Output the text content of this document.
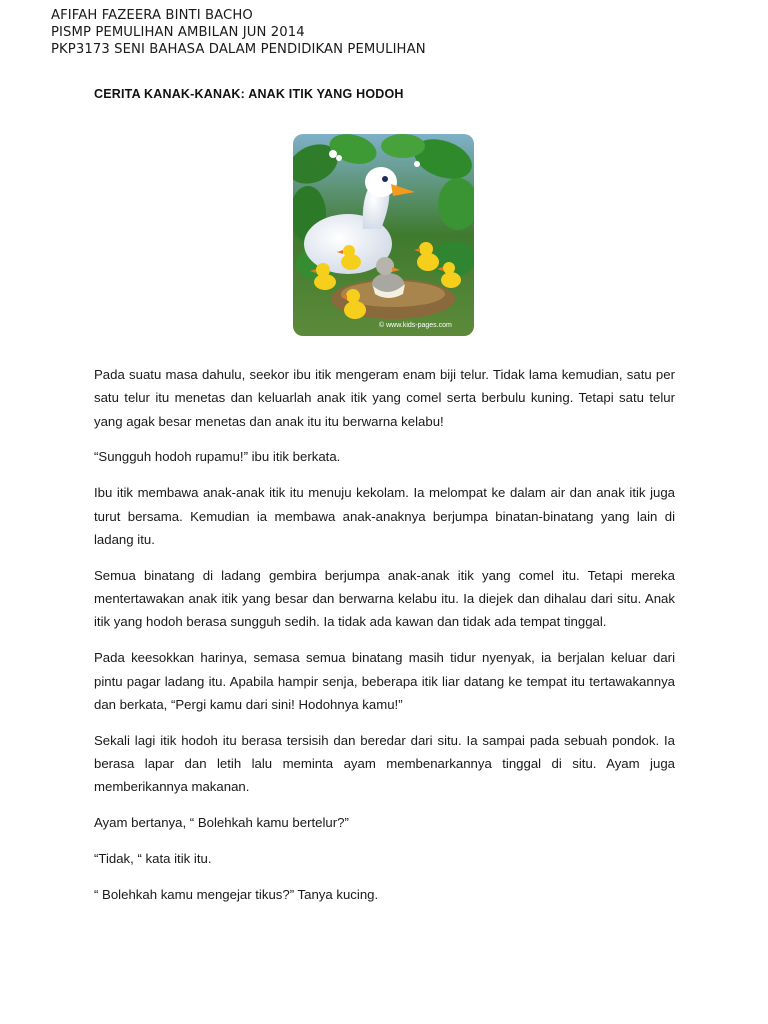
AFIFAH FAZEERA BINTI BACHO
PISMP PEMULIHAN AMBILAN JUN 2014
PKP3173 SENI BAHASA DALAM PENDIDIKAN PEMULIHAN
CERITA KANAK-KANAK: ANAK ITIK YANG HODOH
© www.kids-pages.com

Pada suatu masa dahulu, seekor ibu itik mengeram enam biji telur. Tidak lama kemudian, satu per satu telur itu menetas dan keluarlah anak itik yang comel serta berbulu kuning. Tetapi satu telur yang agak besar menetas dan anak itu itu berwarna kelabu!

“Sungguh hodoh rupamu!” ibu itik berkata.

Ibu itik membawa anak-anak itik itu menuju kekolam. Ia melompat ke dalam air dan anak itik juga turut bersama. Kemudian ia membawa anak-anaknya berjumpa binatan-binatang yang lain di ladang itu.

Semua binatang di ladang gembira berjumpa anak-anak itik yang comel itu. Tetapi mereka mentertawakan anak itik yang besar dan berwarna kelabu itu. Ia diejek dan dihalau dari situ. Anak itik yang hodoh berasa sungguh sedih. Ia tidak ada kawan dan tidak ada tempat tinggal.

Pada keesokkan harinya, semasa semua binatang masih tidur nyenyak, ia berjalan keluar dari pintu pagar ladang itu. Apabila hampir senja, beberapa itik liar datang ke tempat itu tertawakannya dan berkata, “Pergi kamu dari sini! Hodohnya kamu!”

Sekali lagi itik hodoh itu berasa tersisih dan beredar dari situ. Ia sampai pada sebuah pondok. Ia berasa lapar dan letih lalu meminta ayam membenarkannya tinggal di situ. Ayam juga memberikannya makanan.

Ayam bertanya, “ Bolehkah kamu bertelur?”

“Tidak, “ kata itik itu.

“ Bolehkah kamu mengejar tikus?” Tanya kucing.
